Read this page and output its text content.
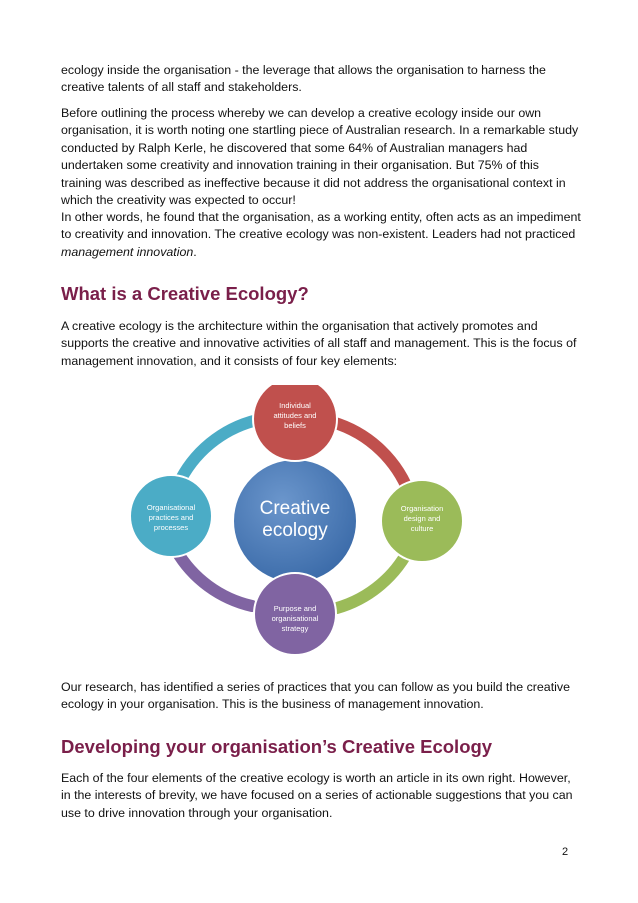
ecology inside the organisation - the leverage that allows the organisation to harness the creative talents of all staff and stakeholders.

Before outlining the process whereby we can develop a creative ecology inside our own organisation, it is worth noting one startling piece of Australian research. In a remarkable study conducted by Ralph Kerle, he discovered that some 64% of Australian managers had undertaken some creativity and innovation training in their organisation. But 75% of this training was described as ineffective because it did not address the organisational context in which the creativity was expected to occur!

In other words, he found that the organisation, as a working entity, often acts as an impediment to creativity and innovation. The creative ecology was non-existent. Leaders had not practiced management innovation.

What is a Creative Ecology?

A creative ecology is the architecture within the organisation that actively promotes and supports the creative and innovative activities of all staff and management. This is the focus of management innovation, and it consists of four key elements:

Creative
ecology
Individual
attitudes and
beliefs
Organisation
design and
culture
Purpose and
organisational
strategy
Organisational
practices and
processes

Our research, has identified a series of practices that you can follow as you build the creative ecology in your organisation. This is the business of management innovation.

Developing your organisation’s Creative Ecology

Each of the four elements of the creative ecology is worth an article in its own right. However, in the interests of brevity, we have focused on a series of actionable suggestions that you can use to drive innovation through your organisation.

2
